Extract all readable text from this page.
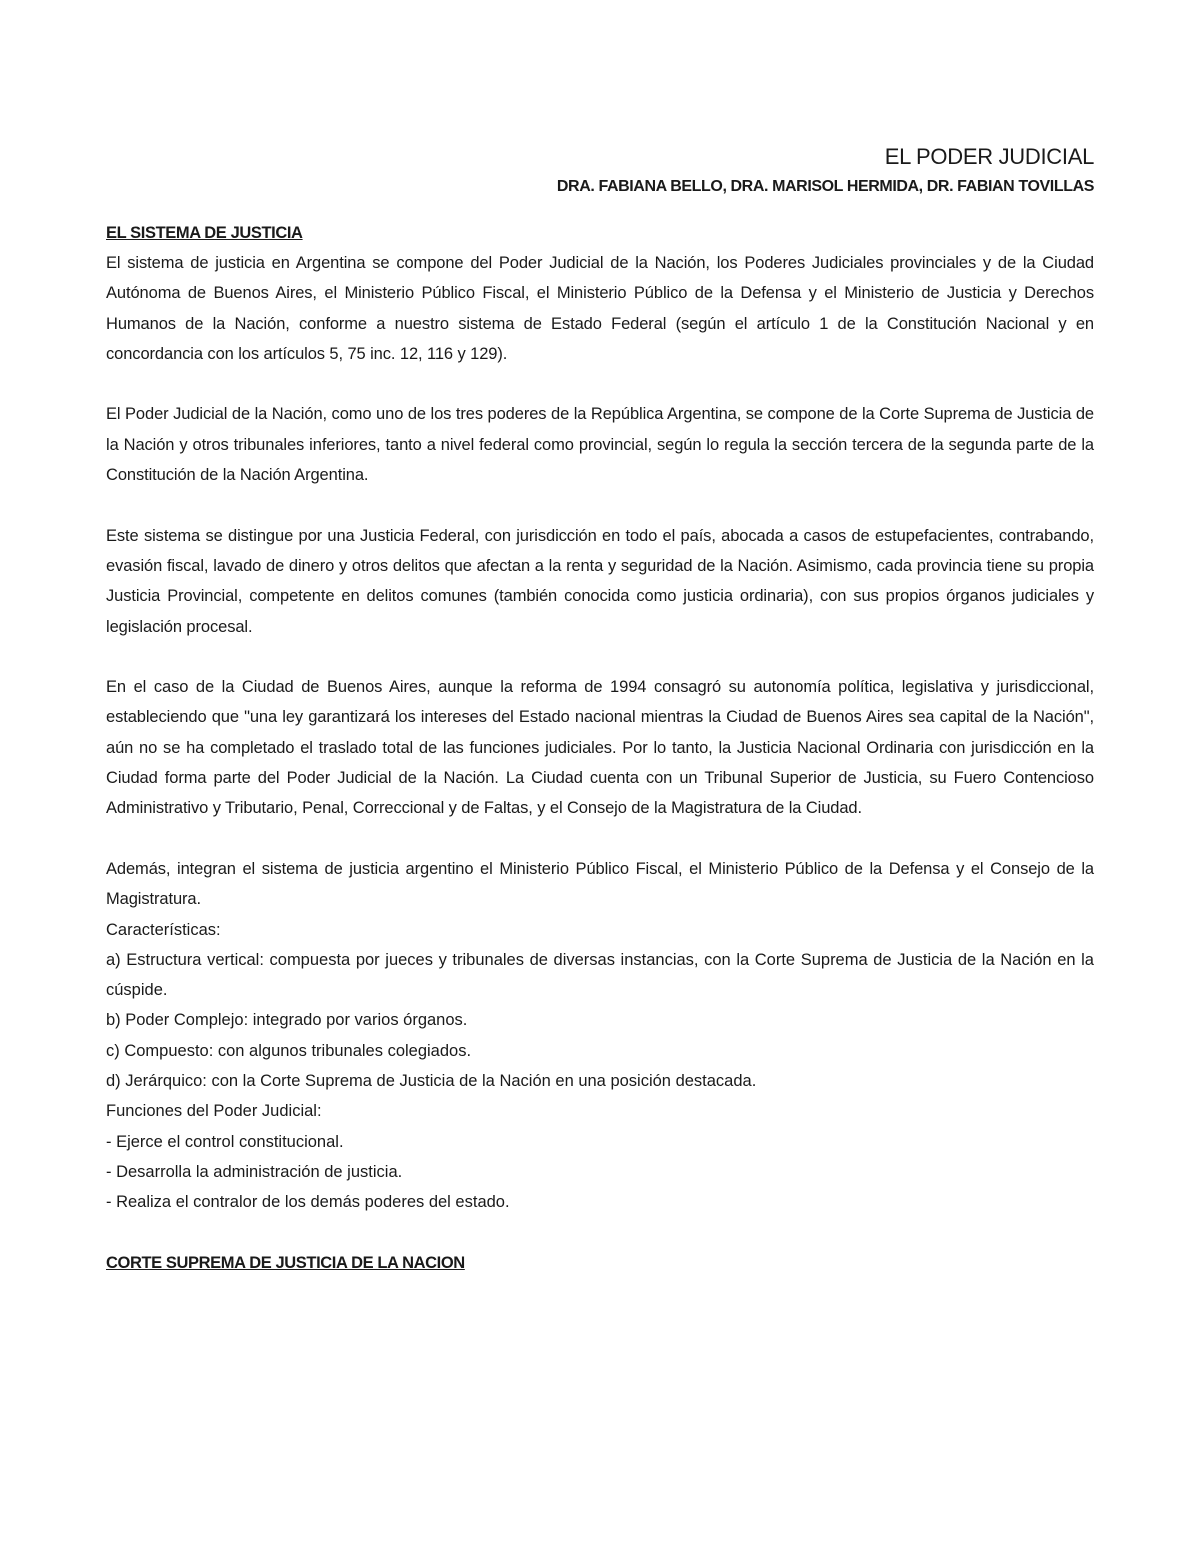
EL PODER JUDICIAL

DRA. FABIANA BELLO, DRA. MARISOL HERMIDA, DR. FABIAN TOVILLAS

EL SISTEMA DE JUSTICIA

El sistema de justicia en Argentina se compone del Poder Judicial de la Nación, los Poderes Judiciales provinciales y de la Ciudad Autónoma de Buenos Aires, el Ministerio Público Fiscal, el Ministerio Público de la Defensa y el Ministerio de Justicia y Derechos Humanos de la Nación, conforme a nuestro sistema de Estado Federal (según el artículo 1 de la Constitución Nacional y en concordancia con los artículos 5, 75 inc. 12, 116 y 129).

El Poder Judicial de la Nación, como uno de los tres poderes de la República Argentina, se compone de la Corte Suprema de Justicia de la Nación y otros tribunales inferiores, tanto a nivel federal como provincial, según lo regula la sección tercera de la segunda parte de la Constitución de la Nación Argentina.

Este sistema se distingue por una Justicia Federal, con jurisdicción en todo el país, abocada a casos de estupefacientes, contrabando, evasión fiscal, lavado de dinero y otros delitos que afectan a la renta y seguridad de la Nación. Asimismo, cada provincia tiene su propia Justicia Provincial, competente en delitos comunes (también conocida como justicia ordinaria), con sus propios órganos judiciales y legislación procesal.

En el caso de la Ciudad de Buenos Aires, aunque la reforma de 1994 consagró su autonomía política, legislativa y jurisdiccional, estableciendo que "una ley garantizará los intereses del Estado nacional mientras la Ciudad de Buenos Aires sea capital de la Nación", aún no se ha completado el traslado total de las funciones judiciales. Por lo tanto, la Justicia Nacional Ordinaria con jurisdicción en la Ciudad forma parte del Poder Judicial de la Nación. La Ciudad cuenta con un Tribunal Superior de Justicia, su Fuero Contencioso Administrativo y Tributario, Penal, Correccional y de Faltas, y el Consejo de la Magistratura de la Ciudad.

Además, integran el sistema de justicia argentino el Ministerio Público Fiscal, el Ministerio Público de la Defensa y el Consejo de la Magistratura.

Características:

a) Estructura vertical: compuesta por jueces y tribunales de diversas instancias, con la Corte Suprema de Justicia de la Nación en la cúspide.

b) Poder Complejo: integrado por varios órganos.

c) Compuesto: con algunos tribunales colegiados.

d) Jerárquico: con la Corte Suprema de Justicia de la Nación en una posición destacada.

Funciones del Poder Judicial:

- Ejerce el control constitucional.

- Desarrolla la administración de justicia.

- Realiza el contralor de los demás poderes del estado.

CORTE SUPREMA DE JUSTICIA DE LA NACION
